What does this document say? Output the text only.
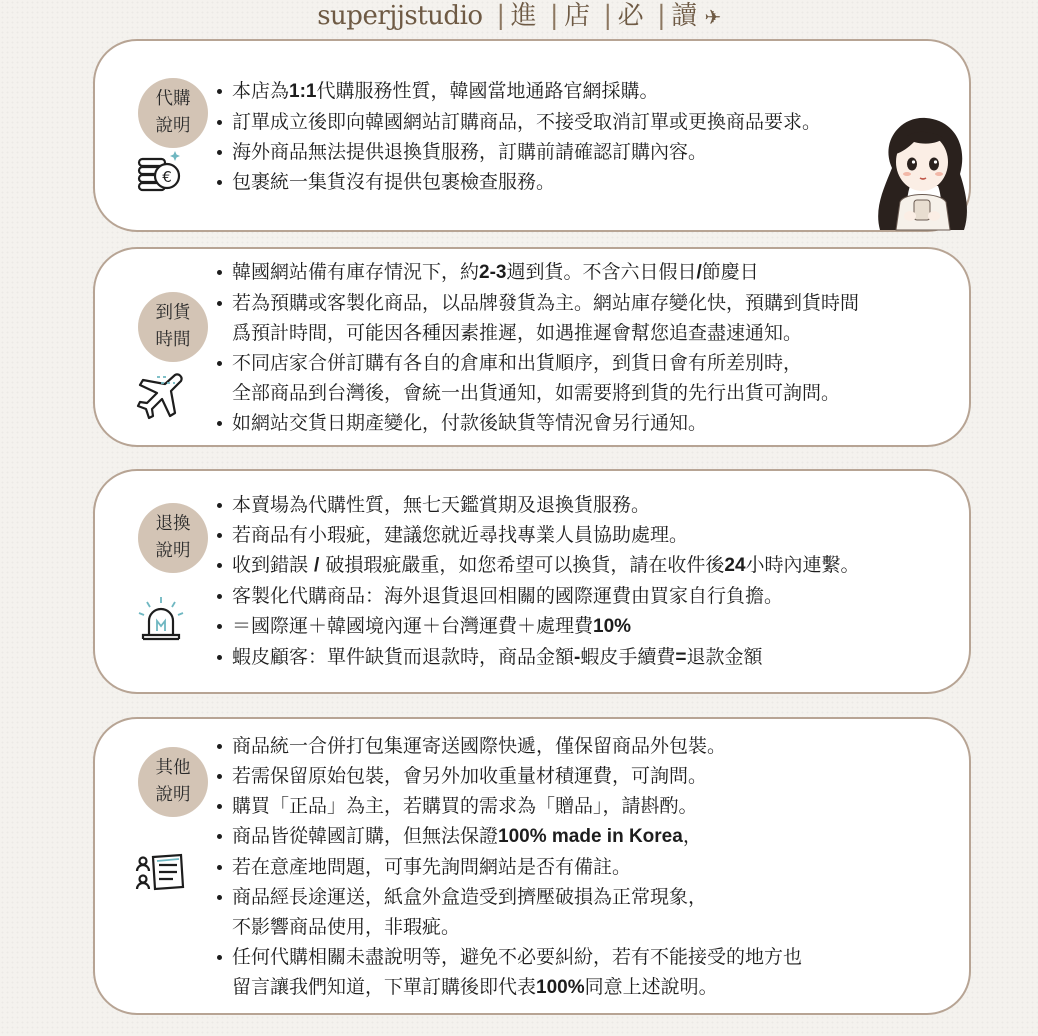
superjjstudio | 進 | 店 | 必 | 讀 ✈
代購
說明
€
本店為1:1代購服務性質，韓國當地通路官網採購。
訂單成立後即向韓國網站訂購商品，不接受取消訂單或更換商品要求。
海外商品無法提供退換貨服務，訂購前請確認訂購內容。
包裹統一集貨沒有提供包裹檢查服務。
到貨
時間
韓國網站備有庫存情況下，約2-3週到貨。不含六日假日/節慶日
若為預購或客製化商品，以品牌發貨為主。網站庫存變化快，預購到貨時間
爲預計時間，可能因各種因素推遲，如遇推遲會幫您追查盡速通知。
不同店家合併訂購有各自的倉庫和出貨順序，到貨日會有所差別時，
全部商品到台灣後，會統一出貨通知，如需要將到貨的先行出貨可詢問。
如網站交貨日期產變化，付款後缺貨等情況會另行通知。
退換
說明
本賣場為代購性質，無七天鑑賞期及退換貨服務。
若商品有小瑕疵，建議您就近尋找專業人員協助處理。
收到錯誤 / 破損瑕疵嚴重，如您希望可以換貨，請在收件後24小時內連繫。
客製化代購商品：海外退貨退回相關的國際運費由買家自行負擔。
＝國際運＋韓國境內運＋台灣運費＋處理費10%
蝦皮顧客：單件缺貨而退款時，商品金額-蝦皮手續費=退款金額
其他
說明
商品統一合併打包集運寄送國際快遞，僅保留商品外包裝。
若需保留原始包裝，會另外加收重量材積運費，可詢問。
購買「正品」為主，若購買的需求為「贈品」，請斟酌。
商品皆從韓國訂購，但無法保證100% made in Korea，
若在意產地問題，可事先詢問網站是否有備註。
商品經長途運送，紙盒外盒造受到擠壓破損為正常現象，
不影響商品使用，非瑕疵。
任何代購相關未盡說明等，避免不必要糾紛，若有不能接受的地方也
留言讓我們知道，下單訂購後即代表100%同意上述說明。
